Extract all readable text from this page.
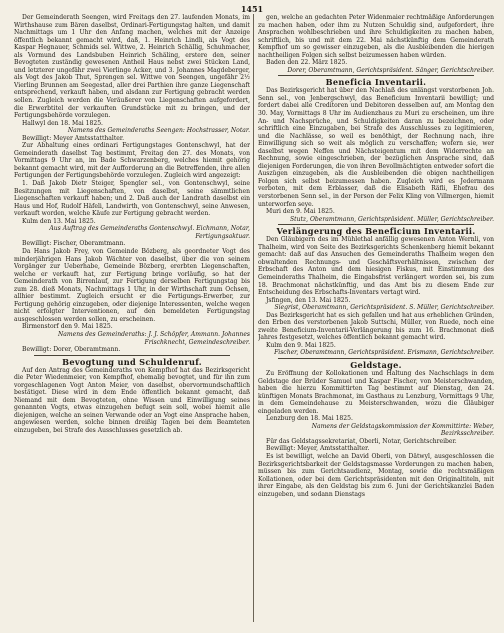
1451

Der Gemeinderath Seengen, wird Freitags den 27. laufenden Monats, im Wirthshause zum Bären daselbst, Ordinari-Fertigungstag halten, und damit Nachmittags um 1 Uhr den Anfang machen, welches mit der Anzeige öffentlich bekannt gemacht wird, daß, 1. Heinrich Lindli, als Vogt des Kaspar Hegnauer, Schmids sel. Wittwe, 2. Heinrich Schällig, Schuhmacher, als Vormund des Landsbuben Heinrich Schäling, erstere den, seiner Bevogteten zuständig gewesenen Antheil Haus nebst zwei Stücken Land, und letzterer ungefähr zwei Vierlinge Acker, und 3. Johannes Magdeberger, als Vogt des Jakob Thut, Sprengen sel. Wittwe von Seengen, ungefähr 2½ Vierling Brunnen am Seegestad, aller drei Parthien ihre ganze Liegenschaft entsprechend, verkauft haben, und alsdann zur Fertigung gebracht werden sollen. Zugleich werden die Veräußerer von Liegenschaften aufgefordert, die Erwerbtitel der verkauften Grundstücke mit zu bringen, und der Fertigungsbehörde vorzulegen.

Hallwyl den 18. Mai 1825.

Namens des Gemeinderaths Seengen: Hochstrasser, Notar.

Bewilligt: Meyer Amtsstatthalter.

Zur Abhaltung eines ordinari Fertigungstages Gontenschwyl, hat der Gemeinderath daselbst Tag bestimmt, Freitag den 27. des Monats, von Vormittags 9 Uhr an, im Bade Schwarzenberg, welches hiemit gehörig bekannt gemacht wird, mit der Aufforderung an die Betreffenden, ihre allen Fertigungen der Fertigungsbehörde vorzulegen. Zugleich wird angezeigt:

1. Daß Jakob Dietr Steiger, Spengler sel., von Gontenschwyl, seine Besitzungen mit Liegenschaften, von daselbst, seine sämmtlichen Liegenschaften verkauft haben; und 2. Daß auch der Landrath daselbst ein Haus und Hof, Rudolf Häfeli, Landwirth, von Gontenschwyl, seine Anwesen, verkauft worden, welche Käufe zur Fertigung gebracht werden.

Kulm den 13. Mai 1825.

Aus Auftrag des Gemeinderaths Gontenschwyl. Eichmann, Notar, Fertigungsaktuar.

Bewilligt: Fischer, Oberamtmann.

Da Hans Jakob Frey, von Gemeinde Bözberg, als geordneter Vogt des minderjährigen Hans Jakob Wächter von daselbst, über die von seinem Vorgänger zur Ueberhabe, Gemeinde Bözberg, ererbten Liegenschaften, welche er verkauft hat, zur Fertigung bringe vorläufig, so hat der Gemeinderath von Birrenlauf, zur Fertigung derselben Fertigungstag bis zum 28. dieß Monats, Nachmittags 1 Uhr, in der Wirthschaft zum Ochsen, allhier bestimmt. Zugleich ersucht er die Fertigungs-Erwerber, zur Fertigung gehörig einzugeben, oder diejenige Interessenten, welche wegen nicht erfolgter Interventionen, auf den bemeldeten Fertigungstag ausgeschlossen werden sollen, zu erscheinen.

Birmenstorf den 9. Mai 1825.

Namens des Gemeinderaths: J. J. Schöpfer, Ammann. Johannes Frischknecht, Gemeindeschreiber.

Bewilligt: Dorer, Oberamtmann.

Bevogtung und Schuldenruf.

Auf den Antrag des Gemeinderaths von Kempfhof hat das Bezirksgericht die Peter Wiedenmeier, von Kempfhof, ehemalig bevogtet, und für ihn zum vorgeschlagenen Vogt Anton Meier, von daselbst, obervormundschaftlich bestätiget. Diese wird in dem Ende öffentlich bekannt gemacht, daß Niemand mit dem Bevogteten, ohne Wissen und Einwilligung seines genannten Vogts, etwas einzugehen befugt sein soll, wobei hiemit alle diejenigen, welche an seinen Verwande oder an Vogt eine Ansprache haben, angewiesen werden, solche binnen dreißig Tagen bei dem Beamteten einzugeben, bei Strafe des Ausschlusses gesetzlich ab.

gen, welche an gedachten Peter Widenmaier rechtmäßige Anforderungen zu machen haben, oder ihm zu Nutzen Schuldig sind, aufgefordert, ihre Ansprachen wohlbeschrieben und ihre Schuldigkeiten zu machen haben, schriftlich, bis und mit dem 22. Mai nächstkünftig dem Gemeinderath Kempfhof um so gewisser einzugeben, als die Ausbleibenden die hierigen nachtheiligen Folgen sich selbst beizumessen haben würden.

Baden den 22. März 1825.

Dorer, Oberamtmann, Gerichtspräsident. Sänger, Gerichtschreiber.

Beneficia Inventarii.

Das Bezirksgericht hat über den Nachlaß des unlängst verstorbenen Joh. Senn sel., von Jenbergschwyl, das Beneficium Inventarii bewilligt; und fordert dabei alle Creditoren und Debitoren desselben auf, am Montag den 30. May, Vormittags 8 Uhr im Audienzhaus zu Muri zu erscheinen, um ihre An- und Nachsprüche, und Schuldigkeiten daran zu bezeichnen, oder schriftlich eine Einzugaben, bei Strafe des Ausschlusses zu legitimieren, und die Nachlässe, so weil es benöthigt, der Rechnung nach, ihre Einwilligung sich so weit als möglich zu verschaffen; wofern sie, wer daselbst wegen Neffen und Nächsteigentum mit dem Widerrechte an Rechnung, sowie eingeschrieben, der bezüglichen Ansprache sind, daß diejenigen Forderungen, die von ihren Bevollmächtigten entweder sofort die Auszügen einzugeben, als die Ausbleibenden die obigen nachtheiligen Folgen sich selbst beizumessen haben. Zugleich wird es Jedermann verboten, mit dem Erblasser, daß die Elisabeth Räfli, Ehefrau des verstorbenen Senn sel., in der Person der Felix Kling von Villmergen, hiemit unterworfen seye.

Muri den 9. Mai 1825.

Stutz, Oberamtmann, Gerichtspräsident. Müller, Gerichtschreiber.

Verlängerung des Beneficium Inventarii.

Den Gläubigern des im Mühlethal anfällig gewesenen Anton Wernli, von Thalheim, wird von Seite des Bezirksgerichts Schenkenberg hiemit bekannt gemacht: daß auf das Ansuchen des Gemeinderaths Thalheim wegen den obwaltenden Rechnungs- und Geschäftsverhältnissen, zwischen der Erbschaft des Anton und dem hiesigen Fiskus, mit Einstimmung des Gemeinderaths Thalheim, die Eingabsfrist verlängert worden sei, bis zum 18. Brachmonat nächstkünftig, und das Amt bis zu diesem Ende zur Entscheidung des Erbschafts-Inventars vertagt wird.

Jsfingen, den 13. Mai 1825.

Siegrist, Oberamtmann, Gerichtspräsident. S. Müller, Gerichtschreiber.

Das Bezirksgericht hat es sich gefallen und hat aus erheblichen Gründen, den Erben des verstorbenen Jakob Suttschi, Müller, von Ruede, noch eine zweite Beneficium-Inventarii-Verlängerung bis zum 16. Brachmonat dieß Jahres festgesetzt, welches öffentlich bekannt gemacht wird.

Kulm den 9. Mai 1825.

Fischer, Oberamtmann, Gerichtspräsident. Erismann, Gerichtschreiber.

Geldstage.

Zu Eröffnung der Kollokationen und Haltung des Nachschlags in dem Geldstage der Brüder Samuel und Kaspar Fischer, von Meisterschwanden, haben die hierzu Kommittirten Tag bestimmt auf Dienstag, den 24. künftigen Monats Brachmonat, im Gasthaus zu Lenzburg, Vormittags 9 Uhr, in dem Gemeindehause zu Meisterschwanden, wozu die Gläubiger eingeladen werden.

Lenzburg den 18. Mai 1825.

Namens der Geldstagskommission der Kommittirte: Weber, Bezirksschreiber.

Für das Geldstagssekretariat, Oberli, Notar, Gerichtschreiber.

Bewilligt: Meyer, Amtsstatthalter.

Es ist bewilligt, welche an David Oberli, von Dätwyl, ausgeschlossen die Bezirksgerichtsbarkeit der Geldstagsmasse Vorderungen zu machen haben, müssen bis zum Gerichtsaudienz, Montag, sowie die rechtsmäßigen Kollationen, oder bei dem Gerichtspräsidenten mit den Originaltiteln, mit ihrer Eingabe, als den Geldstag bis zum 6. Juni der Gerichtskanzlei Baden einzugeben, und sodann Dienstags
